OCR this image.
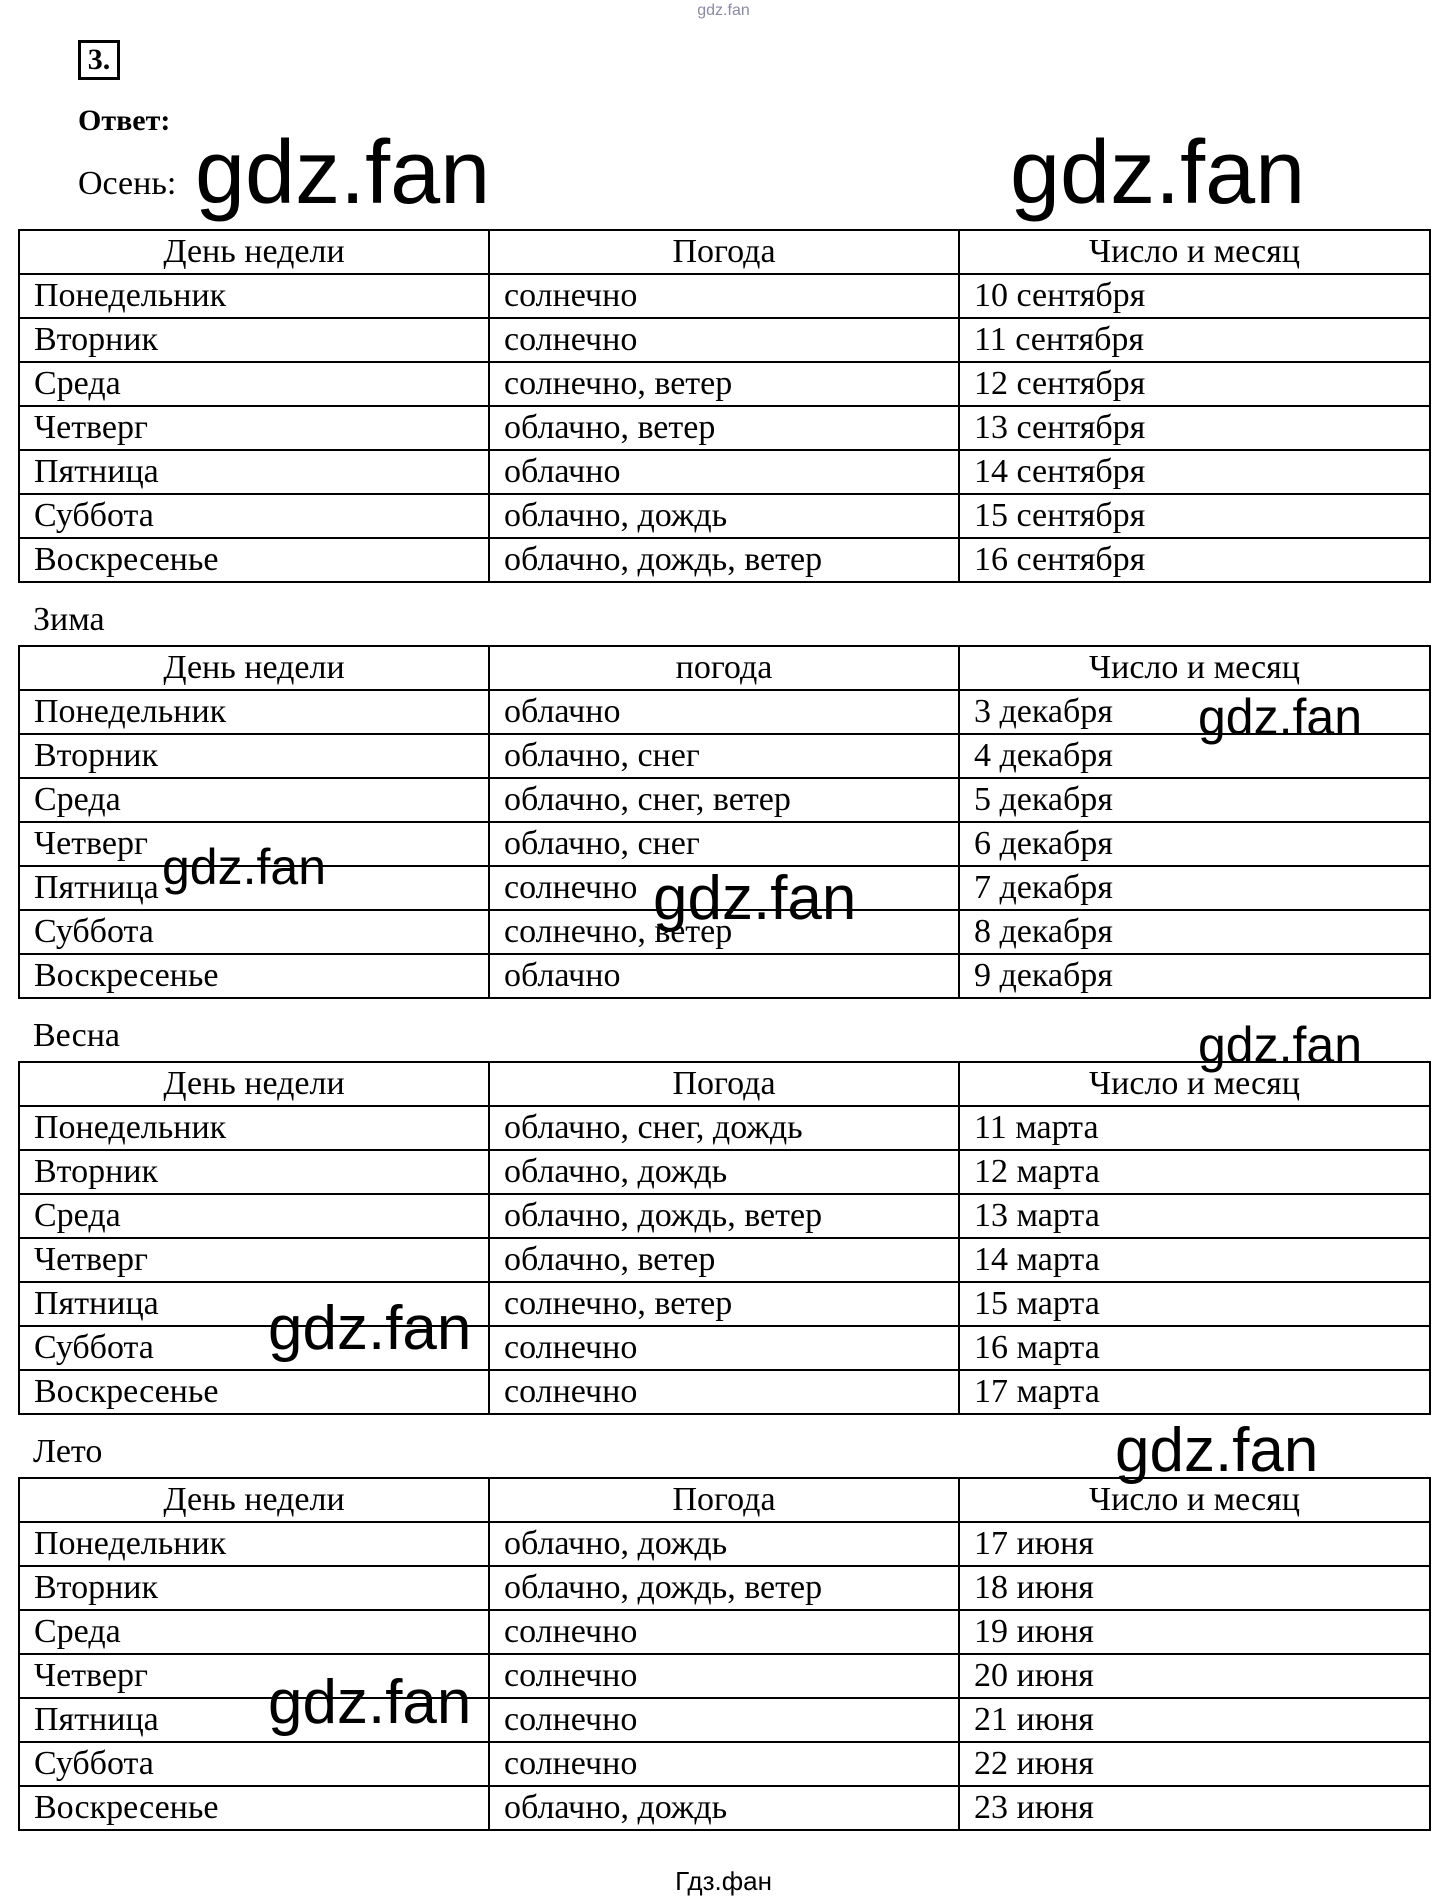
gdz.fan
3.
Ответ:
Осень:
День недели	Погода	Число и месяц
Понедельник	солнечно	10 сентября
Вторник	солнечно	11 сентября
Среда	солнечно, ветер	12 сентября
Четверг	облачно, ветер	13 сентября
Пятница	облачно	14 сентября
Суббота	облачно, дождь	15 сентября
Воскресенье	облачно, дождь, ветер	16 сентября
Зима
День недели	погода	Число и месяц
Понедельник	облачно	3 декабря
Вторник	облачно, снег	4 декабря
Среда	облачно, снег, ветер	5 декабря
Четверг	облачно, снег	6 декабря
Пятница	солнечно	7 декабря
Суббота	солнечно, ветер	8 декабря
Воскресенье	облачно	9 декабря
Весна
День недели	Погода	Число и месяц
Понедельник	облачно, снег, дождь	11 марта
Вторник	облачно, дождь	12 марта
Среда	облачно, дождь, ветер	13 марта
Четверг	облачно, ветер	14 марта
Пятница	солнечно, ветер	15 марта
Суббота	солнечно	16 марта
Воскресенье	солнечно	17 марта
Лето
День недели	Погода	Число и месяц
Понедельник	облачно, дождь	17 июня
Вторник	облачно, дождь, ветер	18 июня
Среда	солнечно	19 июня
Четверг	солнечно	20 июня
Пятница	солнечно	21 июня
Суббота	солнечно	22 июня
Воскресенье	облачно, дождь	23 июня
gdz.fan	gdz.fan
gdz.fan
gdz.fan	gdz.fan
gdz.fan
gdz.fan
gdz.fan
gdz.fan
Гдз.фан
